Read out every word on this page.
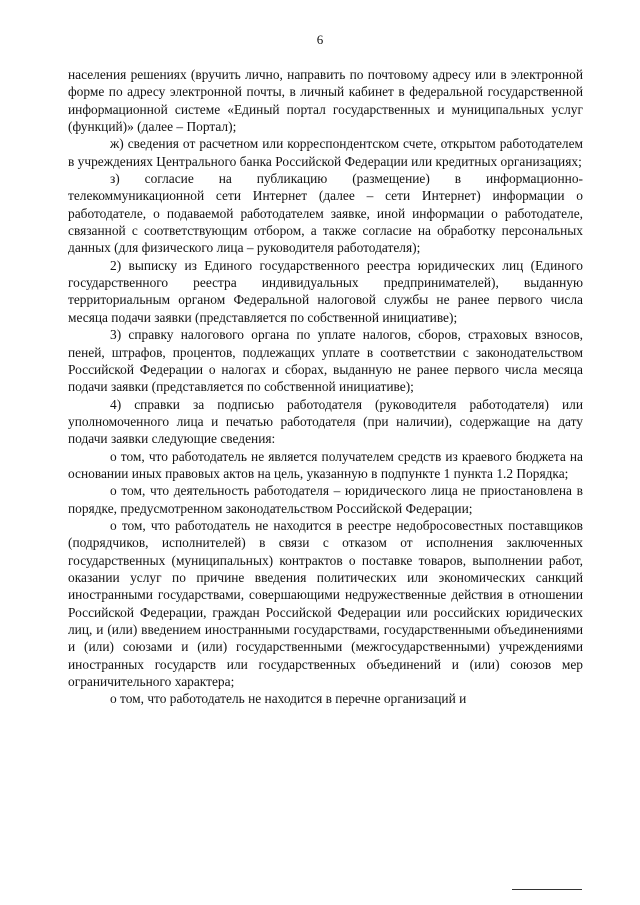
6

населения решениях (вручить лично, направить по почтовому адресу или в электронной форме по адресу электронной почты, в личный кабинет в федеральной государственной информационной системе «Единый портал государственных и муниципальных услуг (функций)» (далее – Портал);

ж) сведения от расчетном или корреспондентском счете, открытом работодателем в учреждениях Центрального банка Российской Федерации или кредитных организациях;

з) согласие на публикацию (размещение) в информационно-телекоммуникационной сети Интернет (далее – сети Интернет) информации о работодателе, о подаваемой работодателем заявке, иной информации о работодателе, связанной с соответствующим отбором, а также согласие на обработку персональных данных (для физического лица – руководителя работодателя);

2) выписку из Единого государственного реестра юридических лиц (Единого государственного реестра индивидуальных предпринимателей), выданную территориальным органом Федеральной налоговой службы не ранее первого числа месяца подачи заявки (представляется по собственной инициативе);

3) справку налогового органа по уплате налогов, сборов, страховых взносов, пеней, штрафов, процентов, подлежащих уплате в соответствии с законодательством Российской Федерации о налогах и сборах, выданную не ранее первого числа месяца подачи заявки (представляется по собственной инициативе);

4) справки за подписью работодателя (руководителя работодателя) или уполномоченного лица и печатью работодателя (при наличии), содержащие на дату подачи заявки следующие сведения:

о том, что работодатель не является получателем средств из краевого бюджета на основании иных правовых актов на цель, указанную в подпункте 1 пункта 1.2 Порядка;

о том, что деятельность работодателя – юридического лица не приостановлена в порядке, предусмотренном законодательством Российской Федерации;

о том, что работодатель не находится в реестре недобросовестных поставщиков (подрядчиков, исполнителей) в связи с отказом от исполнения заключенных государственных (муниципальных) контрактов о поставке товаров, выполнении работ, оказании услуг по причине введения политических или экономических санкций иностранными государствами, совершающими недружественные действия в отношении Российской Федерации, граждан Российской Федерации или российских юридических лиц, и (или) введением иностранными государствами, государственными объединениями и (или) союзами и (или) государственными (межгосударственными) учреждениями иностранных государств или государственных объединений и (или) союзов мер ограничительного характера;

о том, что работодатель не находится в перечне организаций и
